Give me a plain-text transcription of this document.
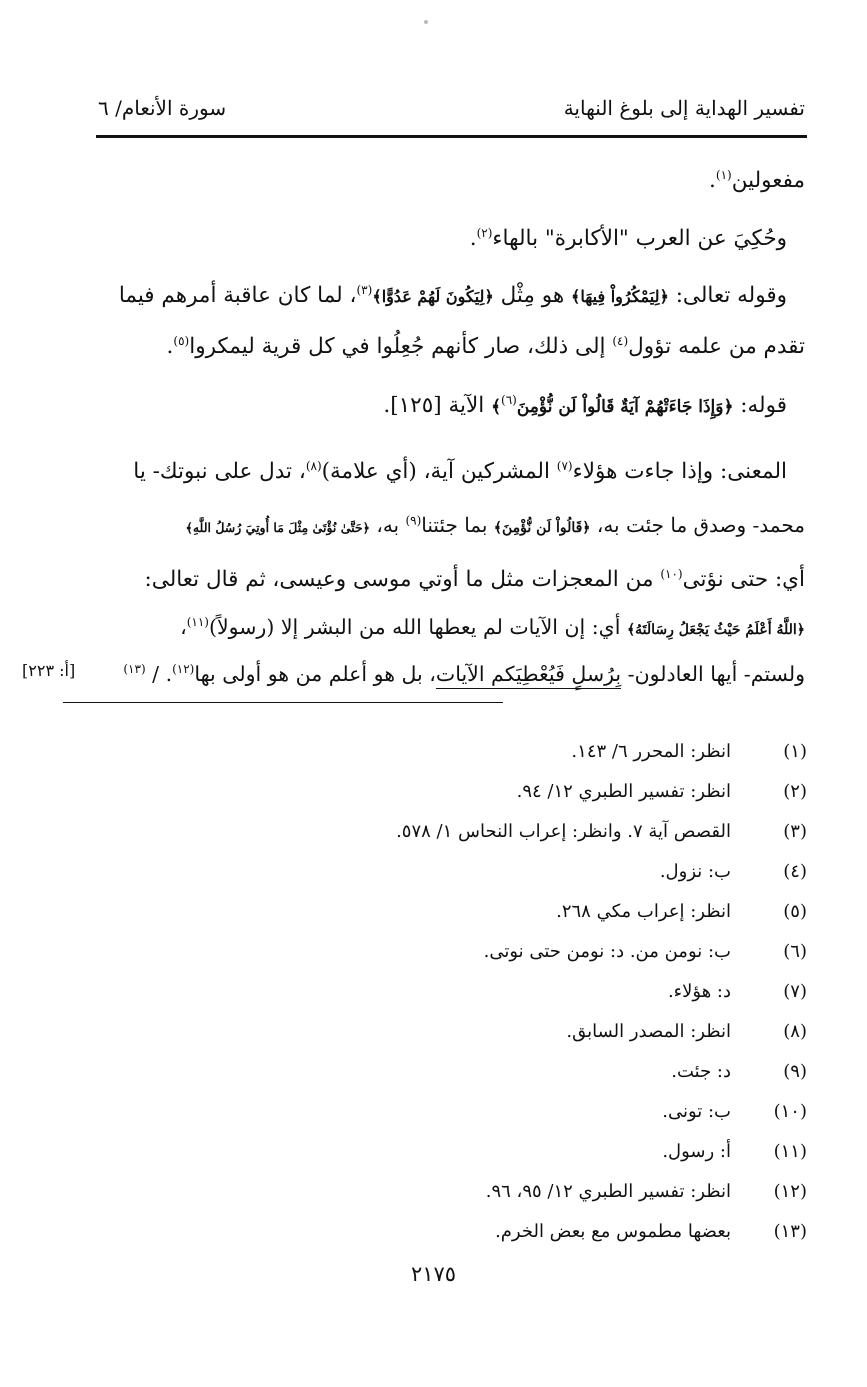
تفسير الهداية إلى بلوغ النهاية
سورة الأنعام/ ٦
مفعولين$^{(١)}$.
وحُكِيَ عن العرب "الأكابرة" بالهاء$^{(٢)}$.
وقوله تعالى: ﴿لِيَمْكُرُواْ فِيهَا﴾ هو مِثْل ﴿لِيَكُونَ لَهُمْ عَدُوًّا﴾$^{(٣)}$، لما كان عاقبة أمرهم فيما
تقدم من علمه تؤول$^{(٤)}$ إلى ذلك، صار كأنهم جُعِلُوا في كل قرية ليمكروا$^{(٥)}$.
قوله: ﴿وَإِذَا جَاءَتْهُمْ آيَةٌ قَالُواْ لَن نُّؤْمِنَ$^{(٦)}$﴾ الآية [١٢٥].
المعنى: وإذا جاءت هؤلاء$^{(٧)}$ المشركين آية، (أي علامة)$^{(٨)}$، تدل على نبوتك- يا
محمد- وصدق ما جئت به، ﴿قَالُواْ لَن نُّؤْمِنَ﴾ بما جئتنا$^{(٩)}$ به، ﴿حَتَّىٰ نُؤْتَىٰ مِثْلَ مَا أُوتِيَ رُسُلُ اللَّهِ﴾
أي: حتى نؤتى$^{(١٠)}$ من المعجزات مثل ما أوتي موسى وعيسى، ثم قال تعالى:
﴿اللَّهُ أَعْلَمُ حَيْثُ يَجْعَلُ رِسَالَتَهُ﴾ أي: إن الآيات لم يعطها الله من البشر إلا (رسولاً)$^{(١١)}$،
ولستم- أيها العادلون- بِرُسلٍ فَيُعْطِيَكم الآيات، بل هو أعلم من هو أولى بها$^{(١٢)}$. / $^{(١٣)}$
[أ: ٢٢٣]
(١)
انظر: المحرر ٦/ ١٤٣.
(٢)
انظر: تفسير الطبري ١٢/ ٩٤.
(٣)
القصص آية ٧. وانظر: إعراب النحاس ١/ ٥٧٨.
(٤)
ب: نزول.
(٥)
انظر: إعراب مكي ٢٦٨.
(٦)
ب: نومن من. د: نومن حتى نوتى.
(٧)
د: هؤلاء.
(٨)
انظر: المصدر السابق.
(٩)
د: جئت.
(١٠)
ب: تونى.
(١١)
أ: رسول.
(١٢)
انظر: تفسير الطبري ١٢/ ٩٥، ٩٦.
(١٣)
بعضها مطموس مع بعض الخرم.
٢١٧٥
